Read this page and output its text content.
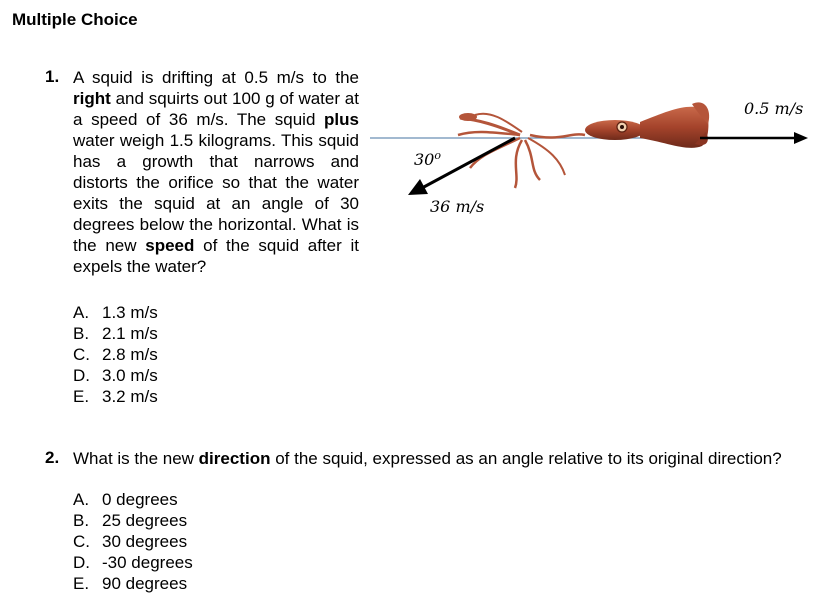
Multiple Choice
1. A squid is drifting at 0.5 m/s to the right and squirts out 100 g of water at a speed of 36 m/s. The squid plus water weigh 1.5 kilograms. This squid has a growth that narrows and distorts the orifice so that the water exits the squid at an angle of 30 degrees below the horizontal. What is the new speed of the squid after it expels the water?
A. 1.3 m/s
B. 2.1 m/s
C. 2.8 m/s
D. 3.0 m/s
E. 3.2 m/s
30$^o$
36 m/s
0.5 m/s
2. What is the new direction of the squid, expressed as an angle relative to its original direction?
A. 0 degrees
B. 25 degrees
C. 30 degrees
D. -30 degrees
E. 90 degrees
